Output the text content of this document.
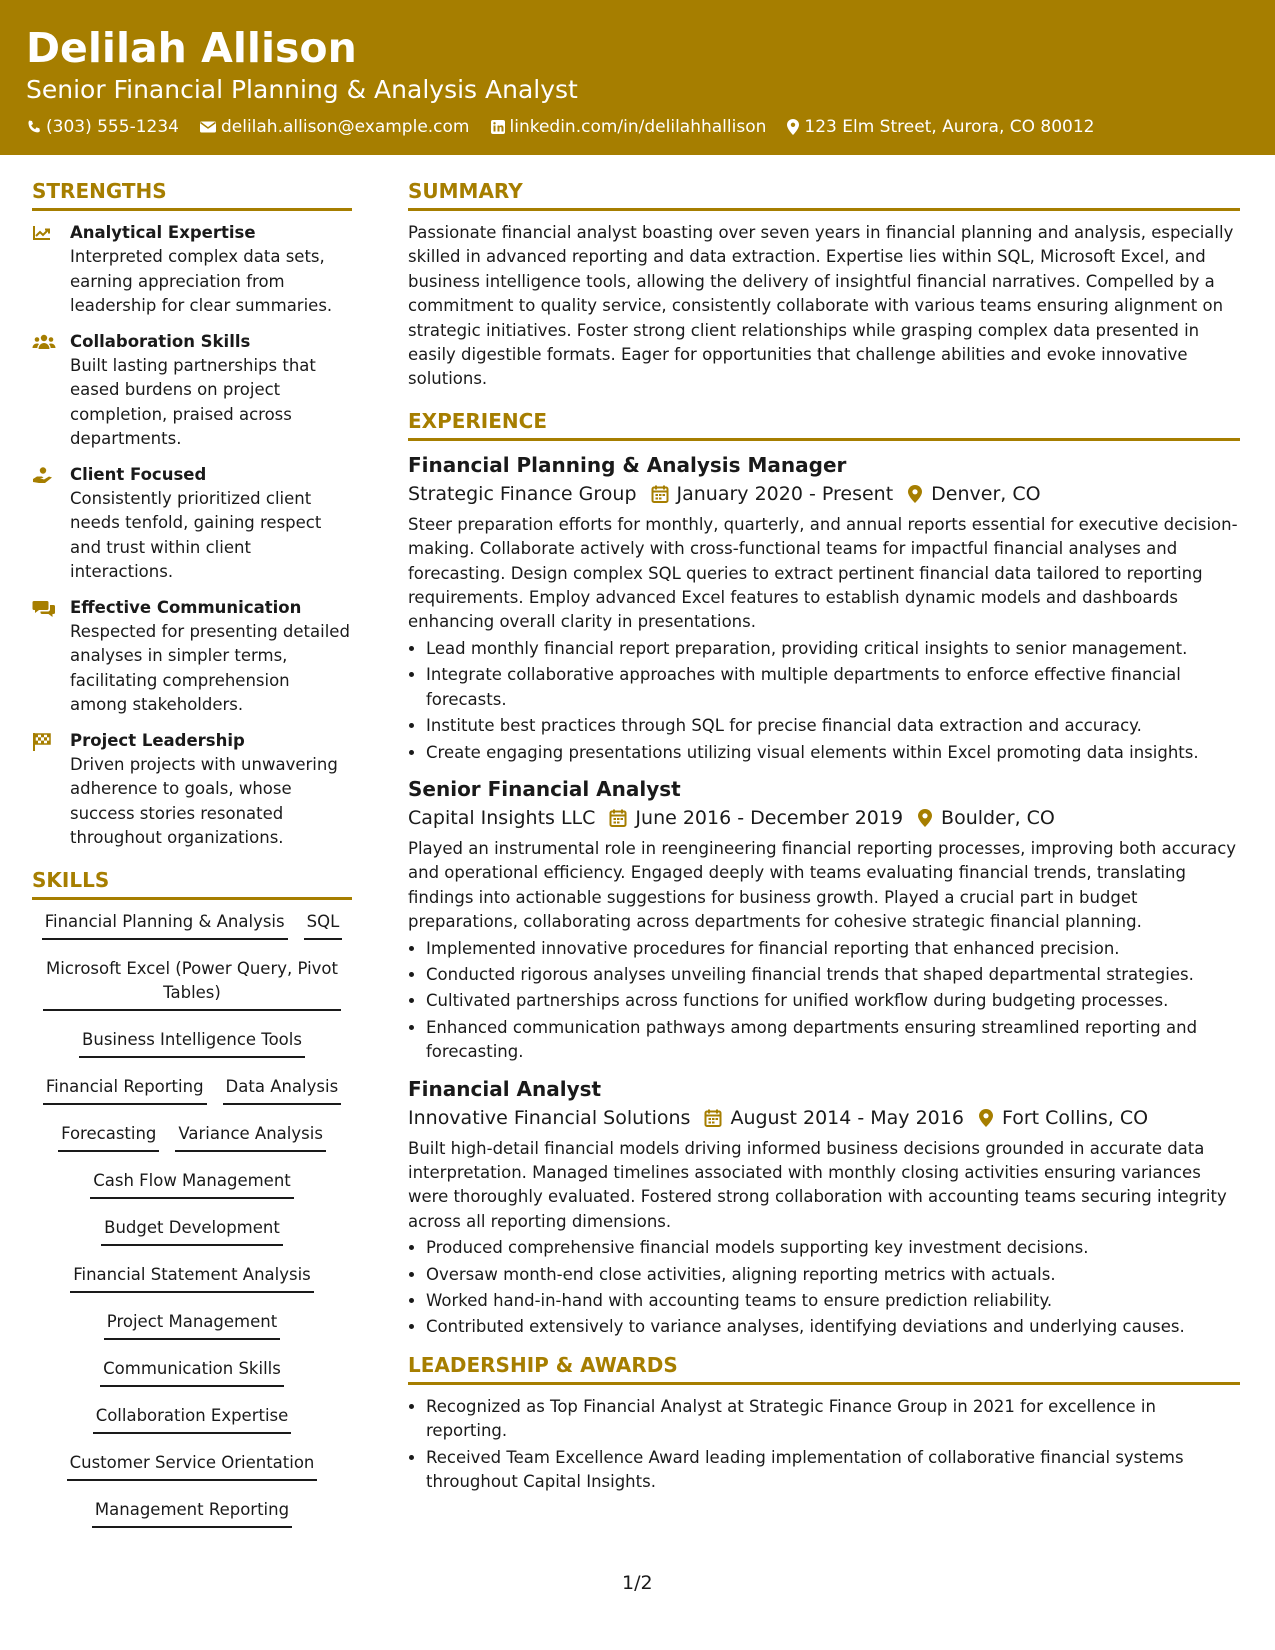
Delilah Allison
Senior Financial Planning & Analysis Analyst
(303) 555-1234 delilah.allison@example.com linkedin.com/in/delilahhallison 123 Elm Street, Aurora, CO 80012
STRENGTHS
Analytical Expertise
Interpreted complex data sets, earning appreciation from leadership for clear summaries.
Collaboration Skills
Built lasting partnerships that eased burdens on project completion, praised across departments.
Client Focused
Consistently prioritized client needs tenfold, gaining respect and trust within client interactions.
Effective Communication
Respected for presenting detailed analyses in simpler terms, facilitating comprehension among stakeholders.
Project Leadership
Driven projects with unwavering adherence to goals, whose success stories resonated throughout organizations.
SKILLS
Financial Planning & Analysis SQL
Microsoft Excel (Power Query, Pivot Tables)
Business Intelligence Tools
Financial Reporting Data Analysis
Forecasting Variance Analysis
Cash Flow Management
Budget Development
Financial Statement Analysis
Project Management
Communication Skills
Collaboration Expertise
Customer Service Orientation
Management Reporting
SUMMARY

Passionate financial analyst boasting over seven years in financial planning and analysis, especially skilled in advanced reporting and data extraction. Expertise lies within SQL, Microsoft Excel, and business intelligence tools, allowing the delivery of insightful financial narratives. Compelled by a commitment to quality service, consistently collaborate with various teams ensuring alignment on strategic initiatives. Foster strong client relationships while grasping complex data presented in easily digestible formats. Eager for opportunities that challenge abilities and evoke innovative solutions.

EXPERIENCE
Financial Planning & Analysis Manager
Strategic Finance Group January 2020 - Present Denver, CO

Steer preparation efforts for monthly, quarterly, and annual reports essential for executive decision-making. Collaborate actively with cross-functional teams for impactful financial analyses and forecasting. Design complex SQL queries to extract pertinent financial data tailored to reporting requirements. Employ advanced Excel features to establish dynamic models and dashboards enhancing overall clarity in presentations.

• Lead monthly financial report preparation, providing critical insights to senior management.
• Integrate collaborative approaches with multiple departments to enforce effective financial forecasts.
• Institute best practices through SQL for precise financial data extraction and accuracy.
• Create engaging presentations utilizing visual elements within Excel promoting data insights.
Senior Financial Analyst
Capital Insights LLC June 2016 - December 2019 Boulder, CO

Played an instrumental role in reengineering financial reporting processes, improving both accuracy and operational efficiency. Engaged deeply with teams evaluating financial trends, translating findings into actionable suggestions for business growth. Played a crucial part in budget preparations, collaborating across departments for cohesive strategic financial planning.

• Implemented innovative procedures for financial reporting that enhanced precision.
• Conducted rigorous analyses unveiling financial trends that shaped departmental strategies.
• Cultivated partnerships across functions for unified workflow during budgeting processes.
• Enhanced communication pathways among departments ensuring streamlined reporting and forecasting.
Financial Analyst
Innovative Financial Solutions August 2014 - May 2016 Fort Collins, CO

Built high-detail financial models driving informed business decisions grounded in accurate data interpretation. Managed timelines associated with monthly closing activities ensuring variances were thoroughly evaluated. Fostered strong collaboration with accounting teams securing integrity across all reporting dimensions.

• Produced comprehensive financial models supporting key investment decisions.
• Oversaw month-end close activities, aligning reporting metrics with actuals.
• Worked hand-in-hand with accounting teams to ensure prediction reliability.
• Contributed extensively to variance analyses, identifying deviations and underlying causes.
LEADERSHIP & AWARDS
• Recognized as Top Financial Analyst at Strategic Finance Group in 2021 for excellence in reporting.
• Received Team Excellence Award leading implementation of collaborative financial systems throughout Capital Insights.
1/2
